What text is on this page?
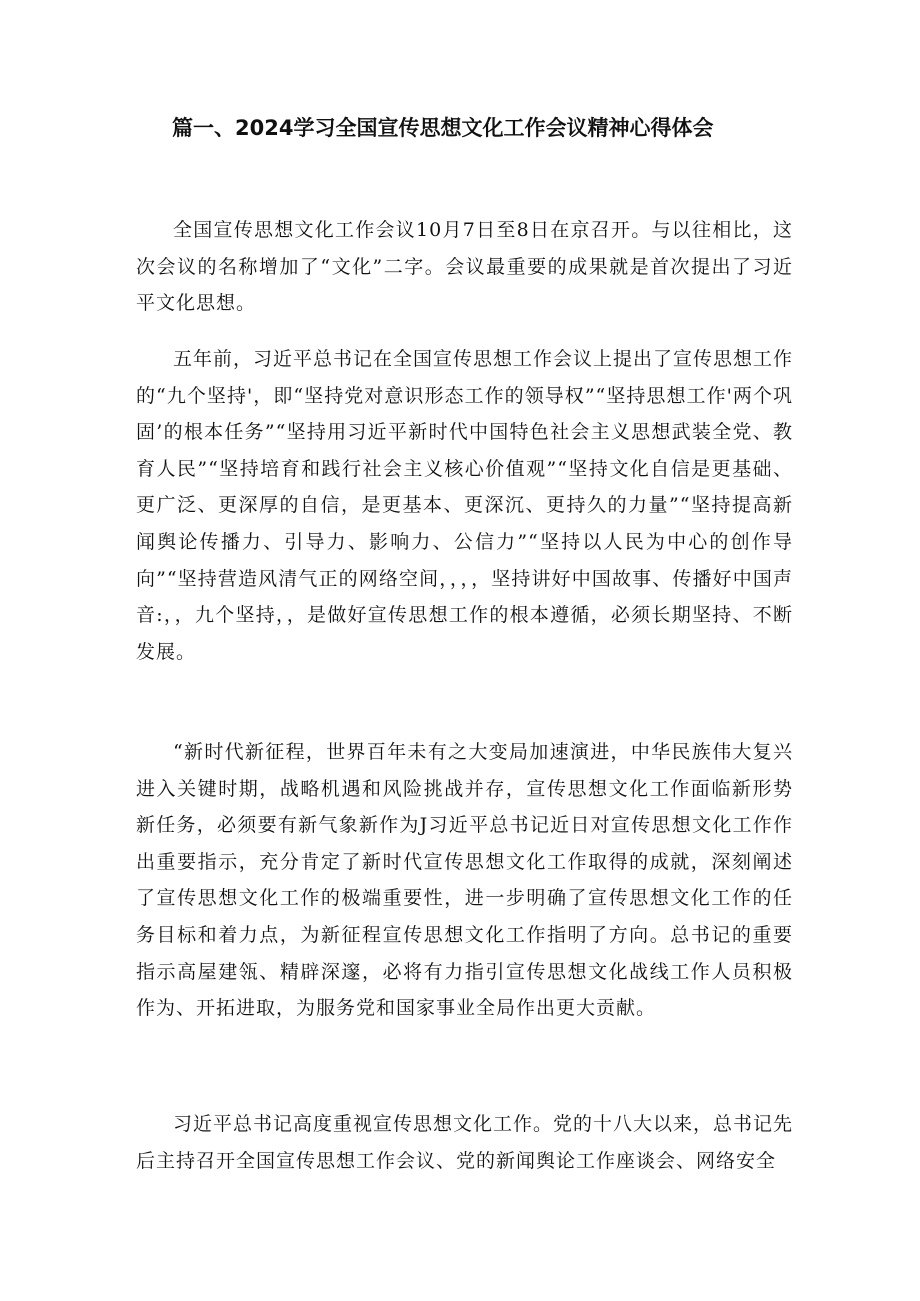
篇一、2024学习全国宣传思想文化工作会议精神心得体会

全国宣传思想文化工作会议10月7日至8日在京召开。与以往相比，这次会议的名称增加了“文化”二字。会议最重要的成果就是首次提出了习近平文化思想。

五年前，习近平总书记在全国宣传思想工作会议上提出了宣传思想工作的“九个坚持'，即“坚持党对意识形态工作的领导权”“坚持思想工作'两个巩固’的根本任务”“坚持用习近平新时代中国特色社会主义思想武装全党、教育人民”“坚持培育和践行社会主义核心价值观”“坚持文化自信是更基础、更广泛、更深厚的自信，是更基本、更深沉、更持久的力量”“坚持提高新闻舆论传播力、引导力、影响力、公信力”“坚持以人民为中心的创作导向”“坚持营造风清气正的网络空间，，，，坚持讲好中国故事、传播好中国声音:，，九个坚持，，是做好宣传思想工作的根本遵循，必须长期坚持、不断发展。

“新时代新征程，世界百年未有之大变局加速演进，中华民族伟大复兴进入关键时期，战略机遇和风险挑战并存，宣传思想文化工作面临新形势新任务，必须要有新气象新作为J习近平总书记近日对宣传思想文化工作作出重要指示，充分肯定了新时代宣传思想文化工作取得的成就，深刻阐述了宣传思想文化工作的极端重要性，进一步明确了宣传思想文化工作的任务目标和着力点，为新征程宣传思想文化工作指明了方向。总书记的重要指示高屋建瓴、精辟深邃，必将有力指引宣传思想文化战线工作人员积极作为、开拓进取，为服务党和国家事业全局作出更大贡献。

习近平总书记高度重视宣传思想文化工作。党的十八大以来，总书记先后主持召开全国宣传思想工作会议、党的新闻舆论工作座谈会、网络安全
